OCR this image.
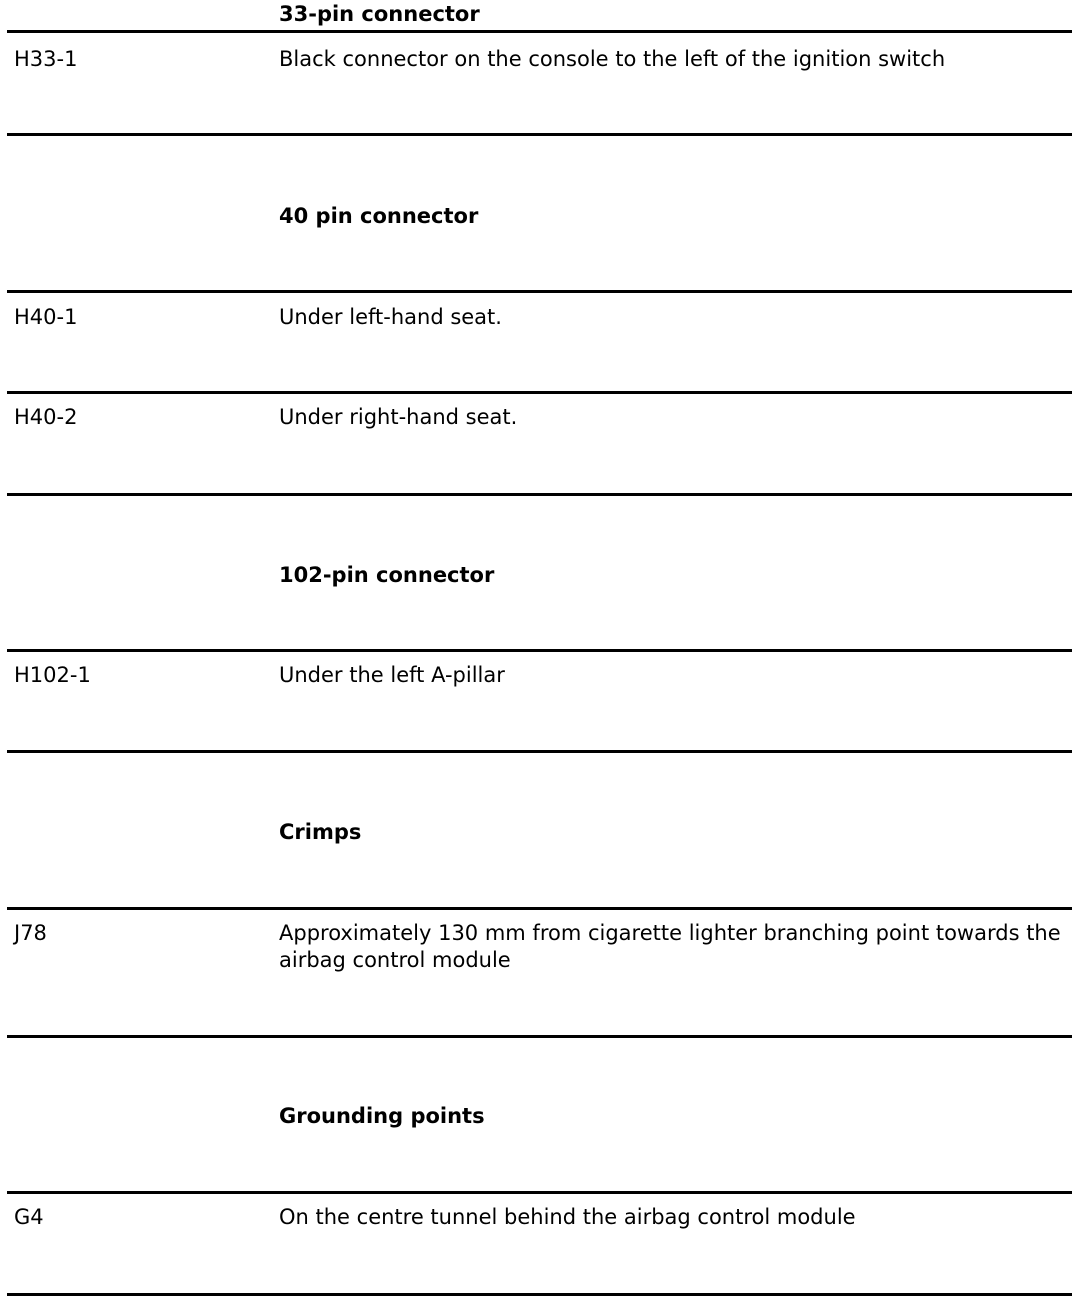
33-pin connector
H33-1	Black connector on the console to the left of the ignition switch
40 pin connector
H40-1	Under left-hand seat.
H40-2	Under right-hand seat.
102-pin connector
H102-1	Under the left A-pillar
Crimps
J78	Approximately 130 mm from cigarette lighter branching point towards the airbag control module
Grounding points
G4	On the centre tunnel behind the airbag control module
